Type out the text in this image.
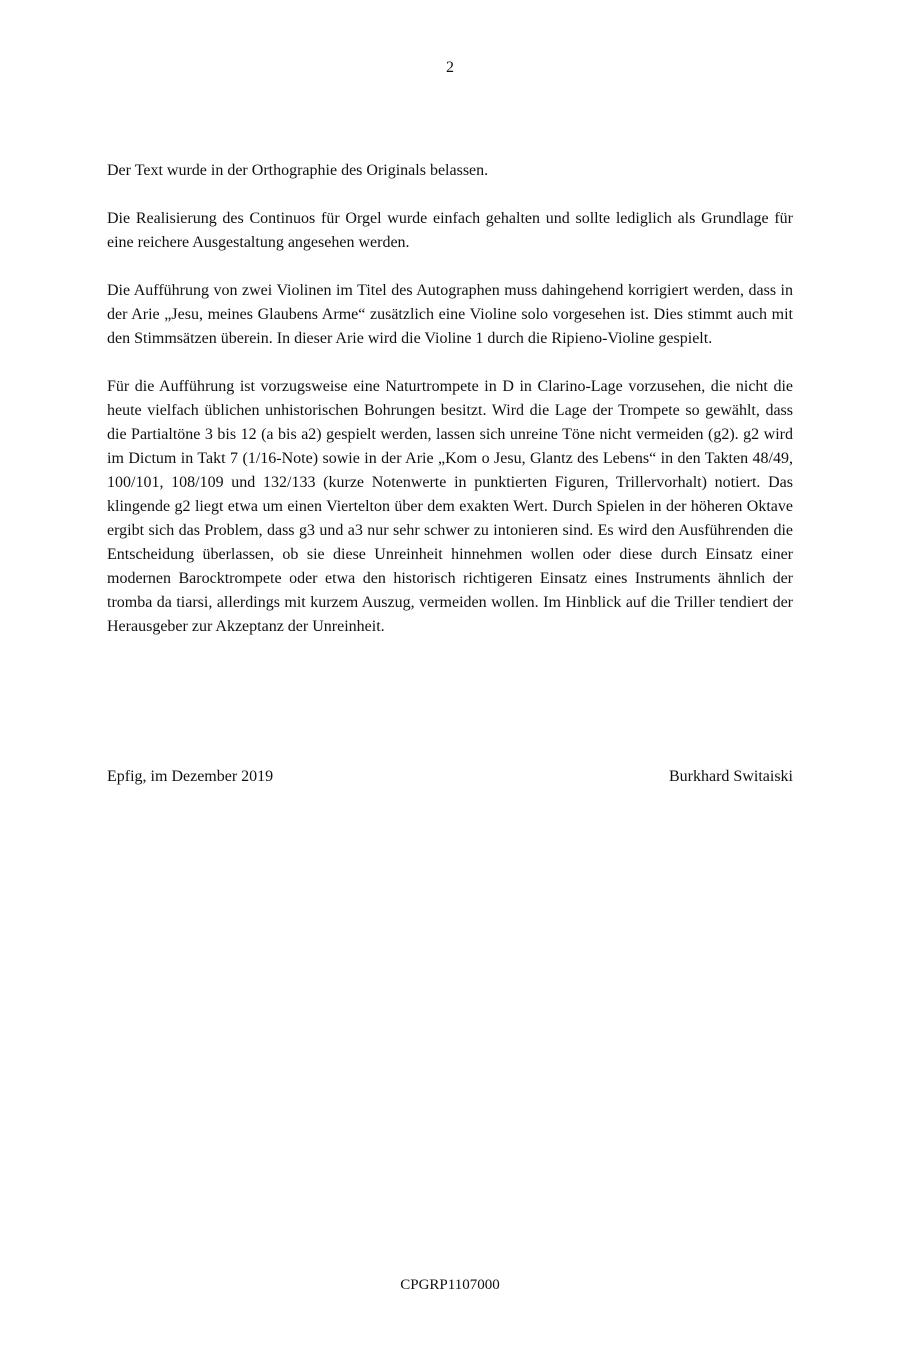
2

Der Text wurde in der Orthographie des Originals belassen.

Die Realisierung des Continuos für Orgel wurde einfach gehalten und sollte lediglich als Grundlage für eine reichere Ausgestaltung angesehen werden.

Die Aufführung von zwei Violinen im Titel des Autographen muss dahingehend korrigiert werden, dass in der Arie „Jesu, meines Glaubens Arme“ zusätzlich eine Violine solo vorgesehen ist. Dies stimmt auch mit den Stimmsätzen überein. In dieser Arie wird die Violine 1 durch die Ripieno-Violine gespielt.

Für die Aufführung ist vorzugsweise eine Naturtrompete in D in Clarino-Lage vorzusehen, die nicht die heute vielfach üblichen unhistorischen Bohrungen besitzt. Wird die Lage der Trompete so gewählt, dass die Partialtöne 3 bis 12 (a bis a2) gespielt werden, lassen sich unreine Töne nicht vermeiden (g2). g2 wird im Dictum in Takt 7 (1/16-Note) sowie in der Arie „Kom o Jesu, Glantz des Lebens“ in den Takten 48/49, 100/101, 108/109 und 132/133 (kurze Notenwerte in punktierten Figuren, Trillervorhalt) notiert. Das klingende g2 liegt etwa um einen Viertelton über dem exakten Wert. Durch Spielen in der höheren Oktave ergibt sich das Problem, dass g3 und a3 nur sehr schwer zu intonieren sind. Es wird den Ausführenden die Entscheidung überlassen, ob sie diese Unreinheit hinnehmen wollen oder diese durch Einsatz einer modernen Barocktrompete oder etwa den historisch richtigeren Einsatz eines Instruments ähnlich der tromba da tiarsi, allerdings mit kurzem Auszug, vermeiden wollen. Im Hinblick auf die Triller tendiert der Herausgeber zur Akzeptanz der Unreinheit.

Epfig, im Dezember 2019	Burkhard Switaiski
CPGRP1107000
